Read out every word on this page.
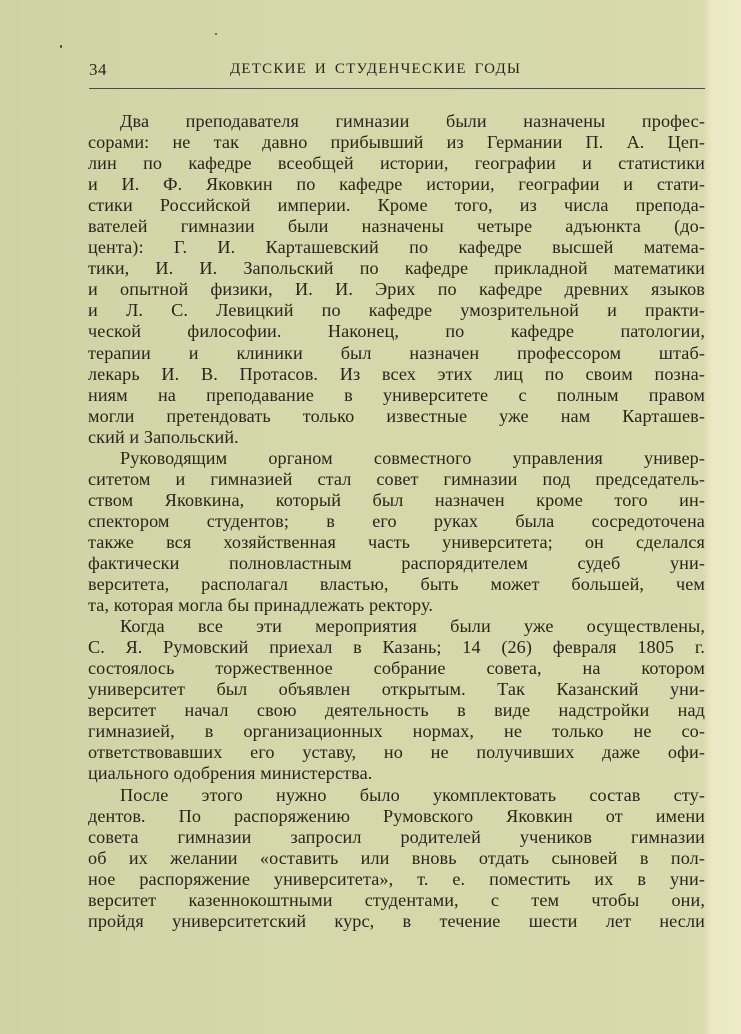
34	ДЕТСКИЕ И СТУДЕНЧЕСКИЕ ГОДЫ
Два преподавателя гимназии были назначены профес-
сорами: не так давно прибывший из Германии П. А. Цеп-
лин по кафедре всеобщей истории, географии и статистики
и И. Ф. Яковкин по кафедре истории, географии и стати-
стики Российской империи. Кроме того, из числа препода-
вателей гимназии были назначены четыре адъюнкта (до-
цента): Г. И. Карташевский по кафедре высшей матема-
тики, И. И. Запольский по кафедре прикладной математики
и опытной физики, И. И. Эрих по кафедре древних языков
и Л. С. Левицкий по кафедре умозрительной и практи-
ческой философии. Наконец, по кафедре патологии,
терапии и клиники был назначен профессором штаб-
лекарь И. В. Протасов. Из всех этих лиц по своим позна-
ниям на преподавание в университете с полным правом
могли претендовать только известные уже нам Карташев-
ский и Запольский.
Руководящим органом совместного управления универ-
ситетом и гимназией стал совет гимназии под председатель-
ством Яковкина, который был назначен кроме того ин-
спектором студентов; в его руках была сосредоточена
также вся хозяйственная часть университета; он сделался
фактически полновластным распорядителем судеб уни-
верситета, располагал властью, быть может большей, чем
та, которая могла бы принадлежать ректору.
Когда все эти мероприятия были уже осуществлены,
С. Я. Румовский приехал в Казань; 14 (26) февраля 1805 г.
состоялось торжественное собрание совета, на котором
университет был объявлен открытым. Так Казанский уни-
верситет начал свою деятельность в виде надстройки над
гимназией, в организационных нормах, не только не со-
ответствовавших его уставу, но не получивших даже офи-
циального одобрения министерства.
После этого нужно было укомплектовать состав сту-
дентов. По распоряжению Румовского Яковкин от имени
совета гимназии запросил родителей учеников гимназии
об их желании «оставить или вновь отдать сыновей в пол-
ное распоряжение университета», т. е. поместить их в уни-
верситет казеннокоштными студентами, с тем чтобы они,
пройдя университетский курс, в течение шести лет несли
